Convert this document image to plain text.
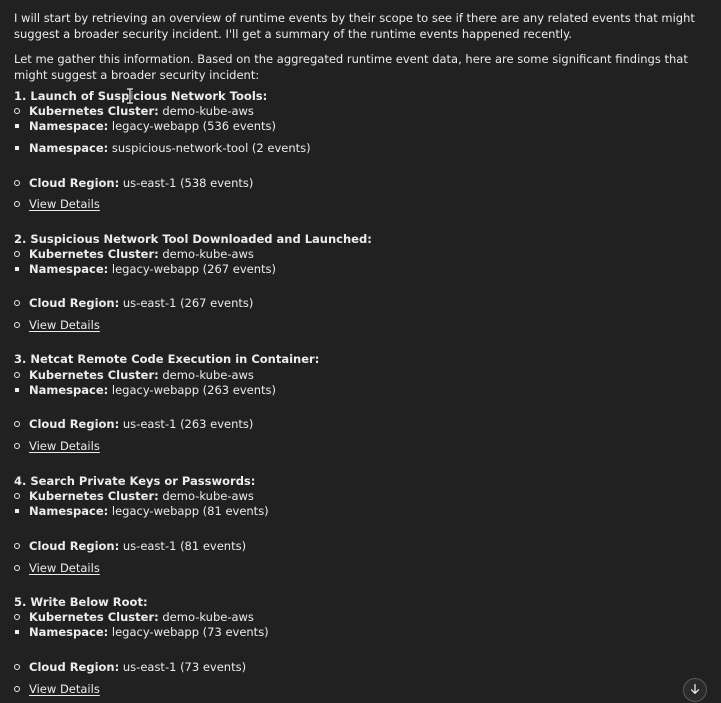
I will start by retrieving an overview of runtime events by their scope to see if there are any related events that might suggest a broader security incident. I'll get a summary of the runtime events happened recently.
Let me gather this information. Based on the aggregated runtime event data, here are some significant findings that might suggest a broader security incident:
1. Launch of Suspicious Network Tools:
Kubernetes Cluster: demo-kube-aws
Namespace: legacy-webapp (536 events)
Namespace: suspicious-network-tool (2 events)
Cloud Region: us-east-1 (538 events)
View Details
2. Suspicious Network Tool Downloaded and Launched:
Kubernetes Cluster: demo-kube-aws
Namespace: legacy-webapp (267 events)
Cloud Region: us-east-1 (267 events)
View Details
3. Netcat Remote Code Execution in Container:
Kubernetes Cluster: demo-kube-aws
Namespace: legacy-webapp (263 events)
Cloud Region: us-east-1 (263 events)
View Details
4. Search Private Keys or Passwords:
Kubernetes Cluster: demo-kube-aws
Namespace: legacy-webapp (81 events)
Cloud Region: us-east-1 (81 events)
View Details
5. Write Below Root:
Kubernetes Cluster: demo-kube-aws
Namespace: legacy-webapp (73 events)
Cloud Region: us-east-1 (73 events)
View Details
